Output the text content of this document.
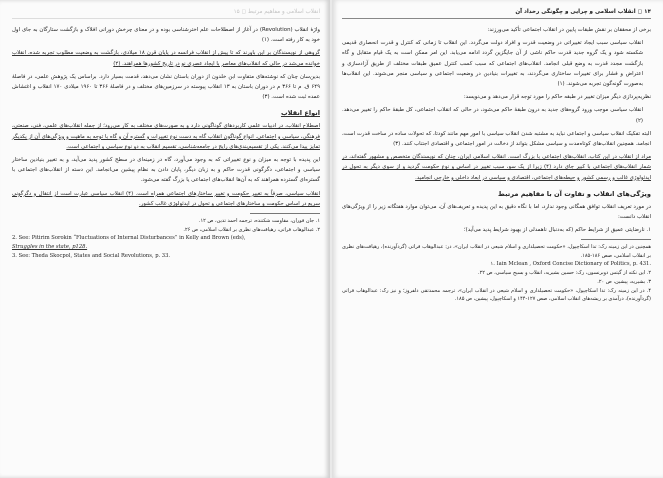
انقلاب اسلامی و مفاهیم مرتبط ◻ ۱۵

واژهٔ انقلاب (Revolution) در آغاز از اصطلاحات علم اختر‌شناسی بوده و در معنای چرخش دورانی افلاک و بازگشت ستارگان به جای اول خود به کار رفته است. (۱)

گروهی از نویسندگان بر این باورند که تا پیش از انقلاب فرانسه در پایان قرن ۱۸ میلادی، بازگشت به وضعیت مطلوب تجربه شده، انقلاب خوانده می‌شد در حالی که انقلاب‌های معاصر با ایجاد عصری نو در تاریخ کشورها همراهند. (۲)

بدین‌سان چنان که نوشته‌های متفاوت ابن خلدون از دوران باستان نشان می‌دهد، قدمت بسیار دارد. براساس یک پژوهش علمی، در فاصلهٔ ۶۴۹ ق. م تا ۳۶۶ م در دوران باستان به ۱۳ انقلاب پیوسته در سرزمین‌های مختلف و در فاصلهٔ ۳۶۶ تا ۱۹۶۰ میلادی ۱۷۰ انقلاب و اغتشاش عمده ثبت شده است. (۳)

انواع انقلاب

اصطلاح انقلاب، در ادبیات علمی کاربردهای گوناگونی دارد و به صورت‌های مختلف به کار می‌رود؛ از جمله انقلاب‌های علمی، فنی، صنعتی، فرهنگی، سیاسی و اجتماعی. انواع گوناگون انقلاب گاه به دست نوع تغییرات و گستره آن و گاه با توجه به ماهیت و ویژگی‌های آن از یکدیگر تمایز پیدا می‌کنند. یکی از تقسیم‌بندی‌های رایج در جامعه‌شناسی، تقسیم انقلاب به دو نوع سیاسی و اجتماعی است.

این پدیده با توجه به میزان و نوع تغییراتی که به وجود می‌آورد، گاه در زمینه‌ای در سطح کشور پدید می‌آید، و به تغییر بنیادین ساختار سیاسی و اجتماعی، دگرگونی قدرت حاکم و به زبان دیگر، پایان دادن به نظام پیشین می‌انجامد. این دسته از انقلاب‌های اجتماعی با گستره‌ای گسترده همراهند که به آن‌ها انقلاب‌های اجتماعی یا بزرگ گفته می‌شود.

انقلاب سیاسی، صرفاً به تغییر حکومت و تغییر ساختارهای اجتماعی همراه است. (۴) انقلاب سیاسی عبارت است از انتقال و دگرگونی سریع در اساس حکومت و ساختارهای اجتماعی و تحول در ایدئولوژی غالب کشور.

۱. جان فوران، مقاومت شکننده، ترجمه احمد تدین، ص ۱۲.

۲. عبدالوهاب فراتی، رهیافت‌های نظری بر انقلاب اسلامی، ص ۲۶.

2. See: Pitirim Sorokin “Fluctuations of Internal Disturbances” in Kelly and Brown (eds),

Struggles in the state, p128.

3. See: Theda Skocpol, States and Social Revolutions, p. 33.

۱۴ ◻ انقلاب اسلامی و چرایی و چگونگی رخداد آن

برخی از محققان بر نقش طبقات پایین در انقلاب اجتماعی تأکید می‌ورزند:

انقلاب سیاسی سبب ایجاد تغییراتی در وضعیت قدرت و افراد دولت می‌گردد. این انقلاب تا زمانی که کنترل و قدرت انحصاری قدیمی شکسته شود و یک گروه جدید قدرت حاکم ناشی از آن جایگزین گردد ادامه می‌یابد. این امر ممکن است به یک قیام متقابل و گاه بازگشت مجدد قدرت به وضع قبلی انجامد. انقلاب‌های اجتماعی که سبب کسب کنترل عمیق طبقات مختلف از طریق آزادسازی و اعتراض و فشار برای تغییرات ساختاری می‌گردند، به تغییرات بنیادین در وضعیت اجتماعی و سیاسی منجر می‌شوند. این انقلاب‌ها به‌صورت گونه‌گون تجربه می‌شوند. (۱)

نظریه‌پردازی دیگر میزان تغییر در طبقه حاکم را مورد توجه قرار می‌دهد و می‌نویسد:

انقلاب سیاسی موجب ورود گروه‌های جدید به درون طبقهٔ حاکم می‌شود، در حالی که انقلاب اجتماعی، کل طبقهٔ حاکم را تغییر می‌دهد. (۲)

البته تفکیک انقلاب سیاسی و اجتماعی نباید به مشتبه شدن انقلاب سیاسی با امور مهم مانند کودتا، که تحولات ساده در ساخت قدرت است، انجامد. همچنین انقلاب‌های کوتاه‌مدت و سیاسی مشکل بتواند از دخالت در امور اجتماعی و اقتصادی اجتناب کنند. (۳)

مراد از انقلاب در این کتاب، انقلاب‌های اجتماعی با بزرگ است. انقلاب اسلامی ایران، چنان که نویسندگان متخصص و مشهور گفته‌اند، در شمار انقلاب‌های اجتماعی با کبیر جای دارد (۴) زیرا از یک سو، سبب تغییر در اساس و نوع حکومت گردید و از سوی دیگر به تحول در ایدئولوژی غالب و رسمی کشور و حیطه‌های اجتماعی، اقتصادی و سیاسی در ابعاد داخلی و خارجی انجامید.

ویژگی‌های انقلاب و تفاوت آن با مفاهیم مرتبط

در مورد تعریف انقلاب توافق همگانی وجود ندارد، اما با نگاه دقیق به این پدیده و تعریف‌های آن، می‌توان موارد هفتگانه زیر را از ویژگی‌های انقلاب دانست:

۱. نارضایتی عمیق از شرایط حاکم (که به‌دنبال ناهمدلی از بهبود شرایط پدید می‌آید)؛

همچنین در این زمینه رک: تدا اسکاچپول، «حکومت تحصیلداری و اسلام شیعی در انقلاب ایران»، در: عبدالوهاب فراتی (گردآورنده)، رهیافت‌های نظری بر انقلاب اسلامی، صص ۱۸۶-۱۸۵.

۱. Iain Mclean , Oxford Concise Dictionary of Politics, p. 431.

۲. این نکته از گیتس دوبرنسون، رک: حسین بشیریه، انقلاب و بسیج سیاسی، ص ۲۲.

۳. بشیریه، پیشین، ص ۲۰.

۴. در این زمینه رک: تدا اسکاچپول، «حکومت تحصیلداری و اسلام شیعی در انقلاب ایران»، ترجمه محمدتقی دلفروز؛ و نیز رک: عبدالوهاب فراتی (گردآورنده)، درآمدی بر ریشه‌های انقلاب اسلامی، صص ۱۲۷-۱۴۴ و اسکاچپول، پیشین، ص ۱۸۵.
